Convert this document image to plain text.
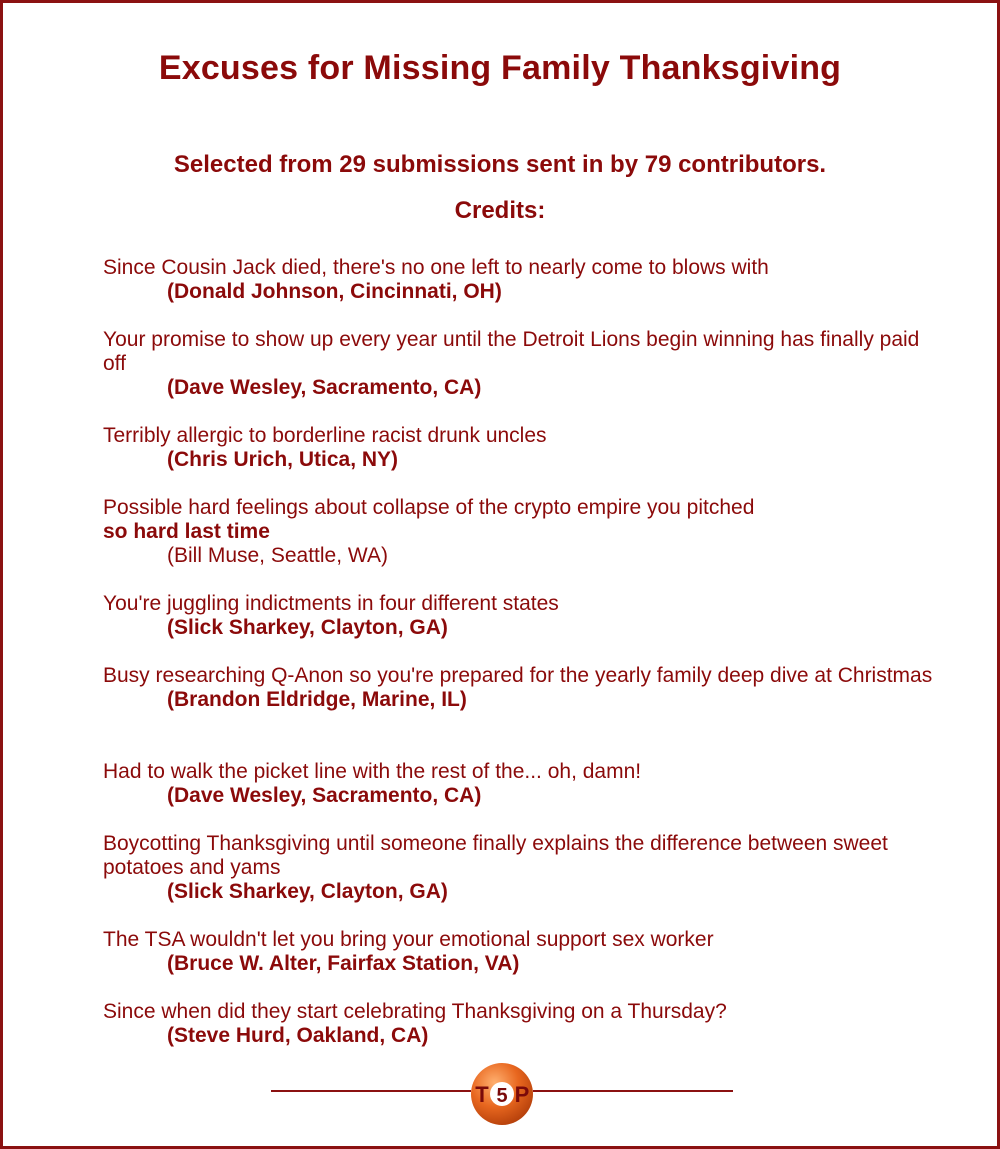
Excuses for Missing Family Thanksgiving
Selected from 29 submissions sent in by 79 contributors.
Credits:
Since Cousin Jack died, there's no one left to nearly come to blows with
(Donald Johnson, Cincinnati, OH)
Your promise to show up every year until the Detroit Lions begin winning has finally paid off
(Dave Wesley, Sacramento, CA)
Terribly allergic to borderline racist drunk uncles
(Chris Urich, Utica, NY)
Possible hard feelings about collapse of the crypto empire you pitched
so hard last time
(Bill Muse, Seattle, WA)
You're juggling indictments in four different states
(Slick Sharkey, Clayton, GA)
Busy researching Q-Anon so you're prepared for the yearly family deep dive at Christmas
(Brandon Eldridge, Marine, IL)
Had to walk the picket line with the rest of the... oh, damn!
(Dave Wesley, Sacramento, CA)
Boycotting Thanksgiving until someone finally explains the difference between sweet potatoes and yams
(Slick Sharkey, Clayton, GA)
The TSA wouldn't let you bring your emotional support sex worker
(Bruce W. Alter, Fairfax Station, VA)
Since when did they start celebrating Thanksgiving on a Thursday?
(Steve Hurd, Oakland, CA)
T 5 P
